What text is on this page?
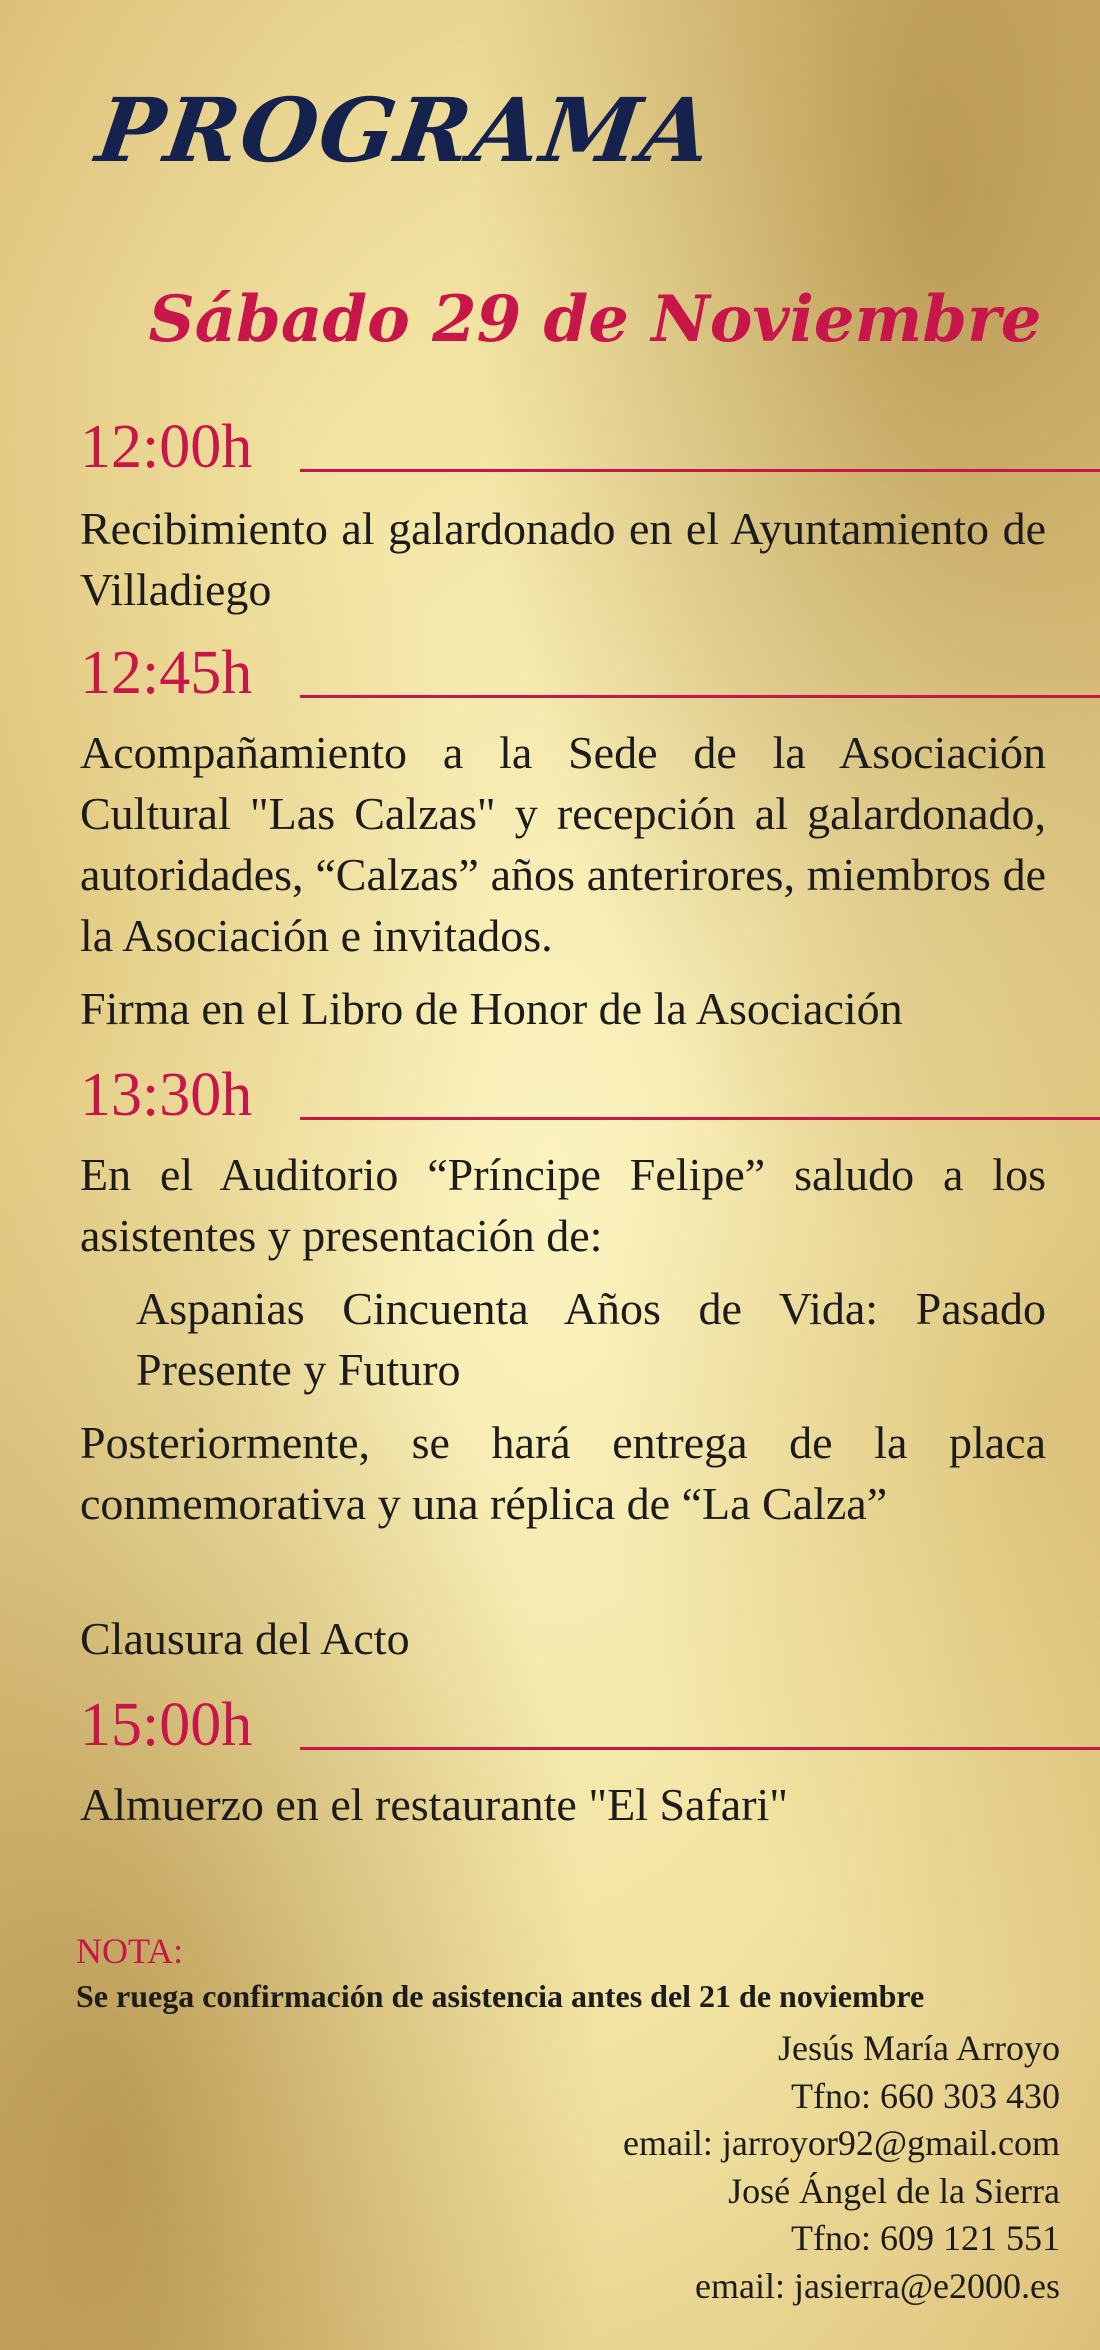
PROGRAMA
Sábado 29 de Noviembre
12:00h

Recibimiento al galardonado en el Ayuntamiento de Villadiego

12:45h

Acompañamiento a la Sede de la Asociación Cultural "Las Calzas" y recepción al galardonado, autoridades, “Calzas” años anterirores, miembros de la Asociación e invitados.

Firma en el Libro de Honor de la Asociación

13:30h

En el Auditorio “Príncipe Felipe” saludo a los asistentes y presentación de:

Aspanias Cincuenta Años de Vida: Pasado Presente y Futuro

Posteriormente, se hará entrega de la placa conmemorativa y una réplica de “La Calza”

Clausura del Acto

15:00h

Almuerzo en el restaurante "El Safari"

NOTA:

Se ruega confirmación de asistencia antes del 21 de noviembre

Jesús María Arroyo
Tfno: 660 303 430
email: jarroyor92@gmail.com
José Ángel de la Sierra
Tfno: 609 121 551
email: jasierra@e2000.es
